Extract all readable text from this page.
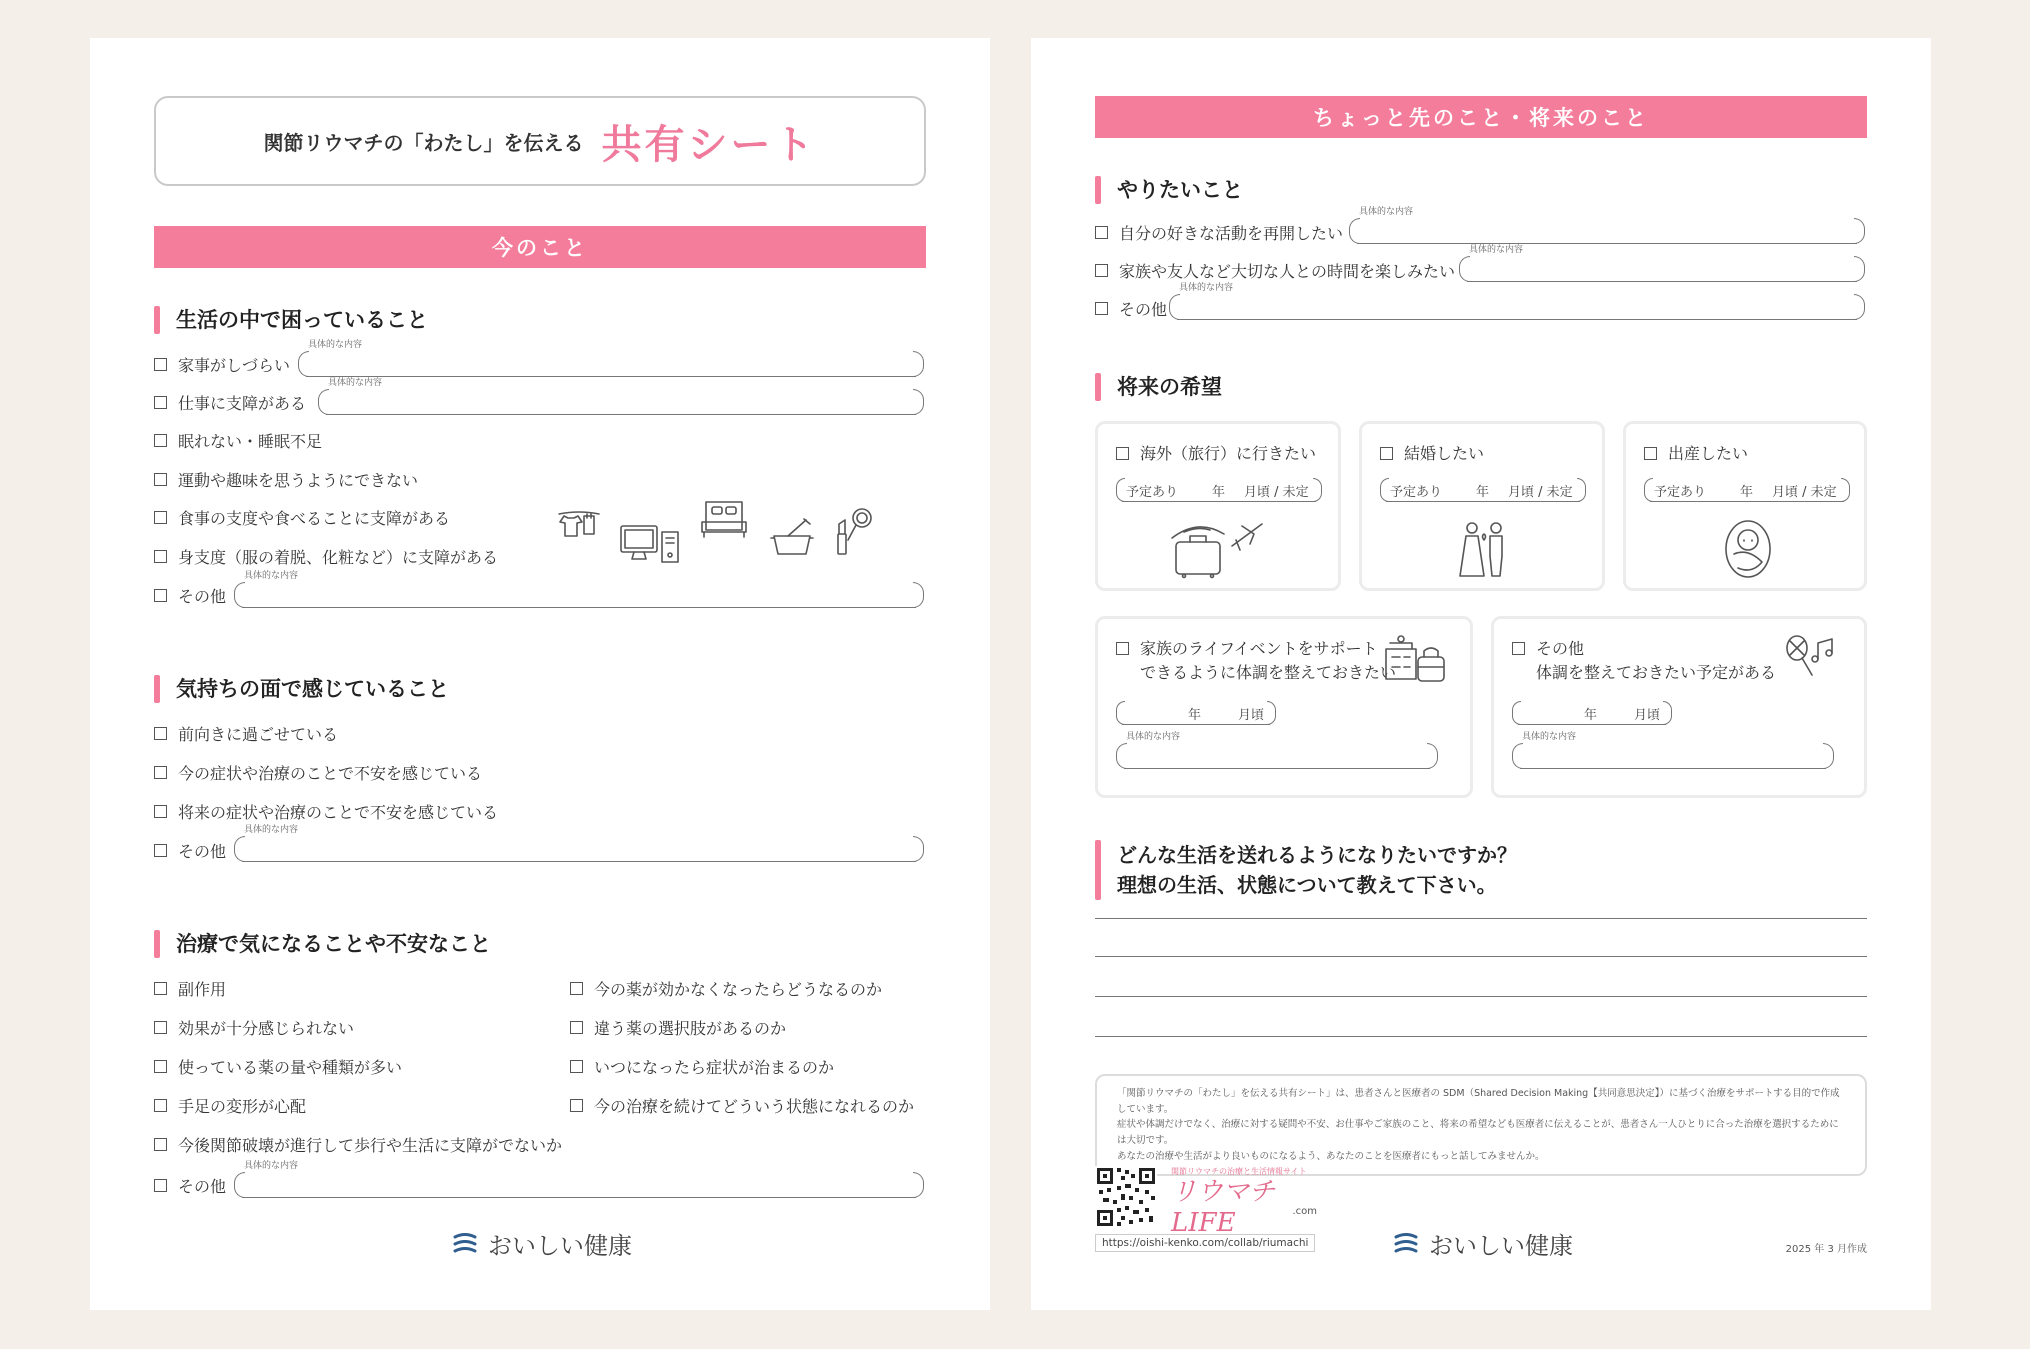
関節リウマチの「わたし」を伝える 共有シート
今のこと
生活の中で困っていること
家事がしづらい
具体的な内容
仕事に支障がある
具体的な内容
眠れない・睡眠不足
運動や趣味を思うようにできない
食事の支度や食べることに支障がある
身支度（服の着脱、化粧など）に支障がある
その他
具体的な内容
気持ちの面で感じていること
前向きに過ごせている
今の症状や治療のことで不安を感じている
将来の症状や治療のことで不安を感じている
その他
具体的な内容
治療で気になることや不安なこと
副作用
効果が十分感じられない
使っている薬の量や種類が多い
手足の変形が心配
今の薬が効かなくなったらどうなるのか
違う薬の選択肢があるのか
いつになったら症状が治まるのか
今の治療を続けてどういう状態になれるのか
今後関節破壊が進行して歩行や生活に支障がでないか
その他
具体的な内容
おいしい健康
ちょっと先のこと・将来のこと
やりたいこと
自分の好きな活動を再開したい
具体的な内容
家族や友人など大切な人との時間を楽しみたい
具体的な内容
その他
具体的な内容
将来の希望
海外（旅行）に行きたい
予定あり	年 月頃 / 未定
結婚したい
予定あり	年 月頃 / 未定
出産したい
予定あり	年 月頃 / 未定
家族のライフイベントをサポート
できるように体調を整えておきたい
年	月頃
具体的な内容
その他
体調を整えておきたい予定がある
年	月頃
具体的な内容
どんな生活を送れるようになりたいですか？
理想の生活、状態について教えて下さい。
「関節リウマチの「わたし」を伝える共有シート」は、患者さんと医療者の SDM（Shared Decision Making【共同意思決定】）に基づく治療をサポートする目的で作成しています。
症状や体調だけでなく、治療に対する疑問や不安、お仕事やご家族のこと、将来の希望なども医療者に伝えることが、患者さん一人ひとりに合った治療を選択するためには大切です。
あなたの治療や生活がより良いものになるよう、あなたのことを医療者にもっと話してみませんか。
関節リウマチの治療と生活情報サイト
リウマチLIFE	.com
https://oishi-kenko.com/collab/riumachi	おいしい健康	2025 年 3 月作成
